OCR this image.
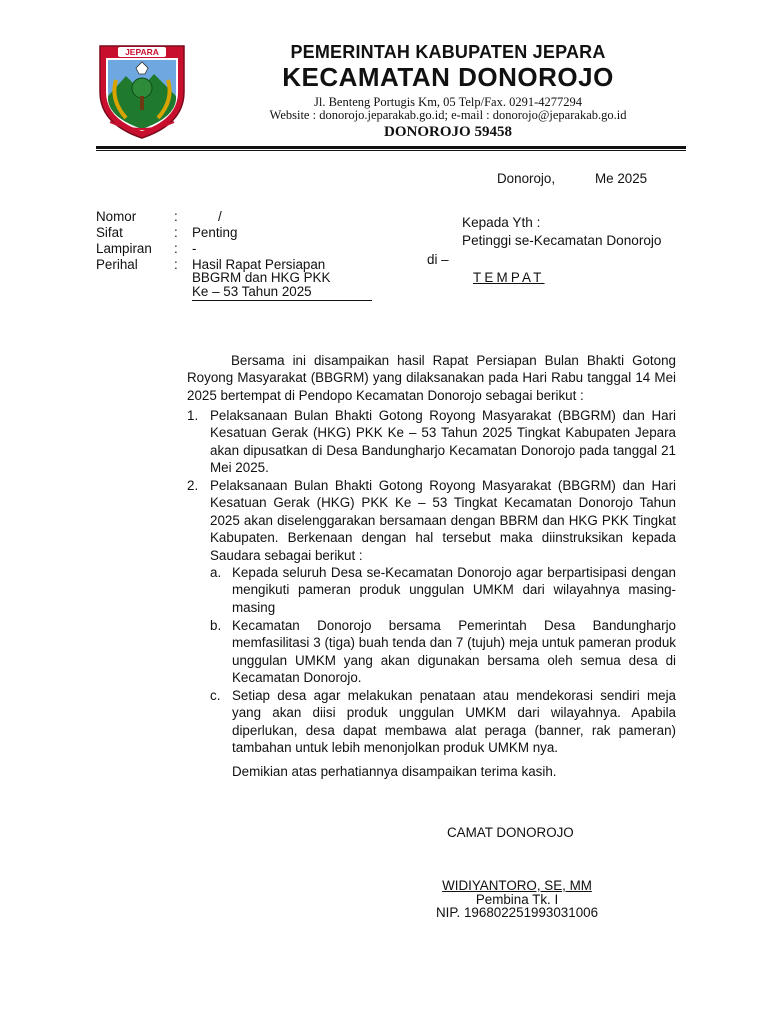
JEPARA	PEMERINTAH KABUPATEN JEPARA
KECAMATAN DONOROJO
Jl. Benteng Portugis Km, 05 Telp/Fax. 0291-4277294
Website : donorojo.jeparakab.go.id; e-mail : donorojo@jeparakab.go.id
DONOROJO 59458
Donorojo,	Me 2025
Nomor	:	/
Sifat	: Penting
Lampiran : -
Perihal	: Hasil Rapat Persiapan
BBGRM dan HKG PKK
Ke – 53 Tahun 2025
Kepada Yth :
Petinggi se-Kecamatan Donorojo
di –
TEMPAT
Bersama ini disampaikan hasil Rapat Persiapan Bulan Bhakti Gotong Royong Masyarakat (BBGRM) yang dilaksanakan pada Hari Rabu tanggal 14 Mei 2025 bertempat di Pendopo Kecamatan Donorojo sebagai berikut :
1. Pelaksanaan Bulan Bhakti Gotong Royong Masyarakat (BBGRM) dan Hari Kesatuan Gerak (HKG) PKK Ke – 53 Tahun 2025 Tingkat Kabupaten Jepara akan dipusatkan di Desa Bandungharjo Kecamatan Donorojo pada tanggal 21 Mei 2025.
2. Pelaksanaan Bulan Bhakti Gotong Royong Masyarakat (BBGRM) dan Hari Kesatuan Gerak (HKG) PKK Ke – 53 Tingkat Kecamatan Donorojo Tahun 2025 akan diselenggarakan bersamaan dengan BBRM dan HKG PKK Tingkat Kabupaten. Berkenaan dengan hal tersebut maka diinstruksikan kepada Saudara sebagai berikut :
a. Kepada seluruh Desa se-Kecamatan Donorojo agar berpartisipasi dengan mengikuti pameran produk unggulan UMKM dari wilayahnya masing-masing
b. Kecamatan Donorojo bersama Pemerintah Desa Bandungharjo memfasilitasi 3 (tiga) buah tenda dan 7 (tujuh) meja untuk pameran produk unggulan UMKM yang akan digunakan bersama oleh semua desa di Kecamatan Donorojo.
c. Setiap desa agar melakukan penataan atau mendekorasi sendiri meja yang akan diisi produk unggulan UMKM dari wilayahnya. Apabila diperlukan, desa dapat membawa alat peraga (banner, rak pameran) tambahan untuk lebih menonjolkan produk UMKM nya.
Demikian atas perhatiannya disampaikan terima kasih.
CAMAT DONOROJO
WIDIYANTORO, SE, MM
Pembina Tk. I
NIP. 196802251993031006
